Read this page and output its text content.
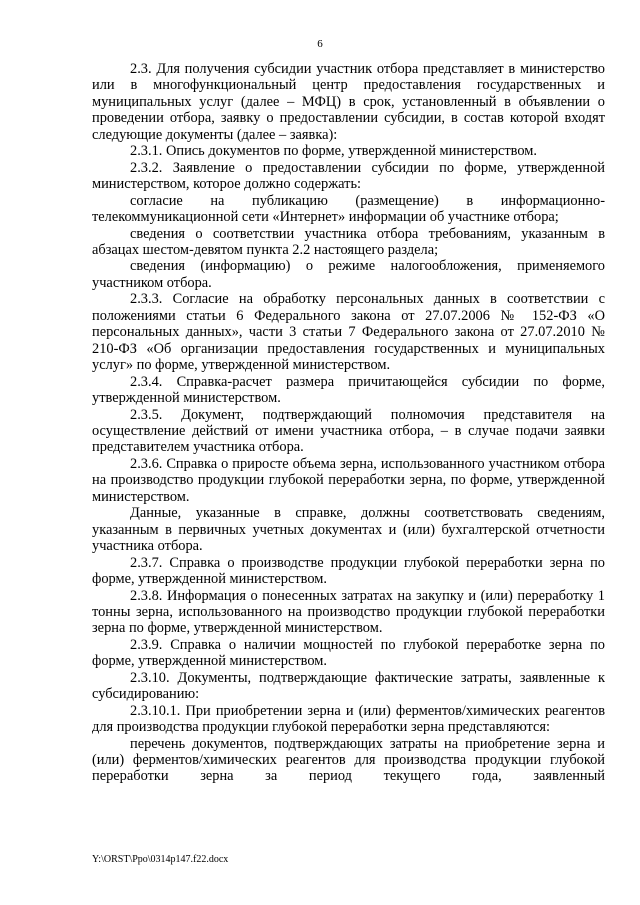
6

2.3. Для получения субсидии участник отбора представляет в министерство или в многофункциональный центр предоставления государственных и муниципальных услуг (далее – МФЦ) в срок, установленный в объявлении о проведении отбора, заявку о предоставлении субсидии, в состав которой входят следующие документы (далее – заявка):

2.3.1. Опись документов по форме, утвержденной министерством.

2.3.2. Заявление о предоставлении субсидии по форме, утвержденной министерством, которое должно содержать:

согласие на публикацию (размещение) в информационно-телекоммуникационной сети «Интернет» информации об участнике отбора;

сведения о соответствии участника отбора требованиям, указанным в абзацах шестом-девятом пункта 2.2 настоящего раздела;

сведения (информацию) о режиме налогообложения, применяемого участником отбора.

2.3.3. Согласие на обработку персональных данных в соответствии с положениями статьи 6 Федерального закона от 27.07.2006 № 152-ФЗ «О персональных данных», части 3 статьи 7 Федерального закона от 27.07.2010 № 210-ФЗ «Об организации предоставления государственных и муниципальных услуг» по форме, утвержденной министерством.

2.3.4. Справка-расчет размера причитающейся субсидии по форме, утвержденной министерством.

2.3.5. Документ, подтверждающий полномочия представителя на осуществление действий от имени участника отбора, – в случае подачи заявки представителем участника отбора.

2.3.6. Справка о приросте объема зерна, использованного участником отбора на производство продукции глубокой переработки зерна, по форме, утвержденной министерством.

Данные, указанные в справке, должны соответствовать сведениям, указанным в первичных учетных документах и (или) бухгалтерской отчетности участника отбора.

2.3.7. Справка о производстве продукции глубокой переработки зерна по форме, утвержденной министерством.

2.3.8. Информация о понесенных затратах на закупку и (или) переработку 1 тонны зерна, использованного на производство продукции глубокой переработки зерна по форме, утвержденной министерством.

2.3.9. Справка о наличии мощностей по глубокой переработке зерна по форме, утвержденной министерством.

2.3.10. Документы, подтверждающие фактические затраты, заявленные к субсидированию:

2.3.10.1. При приобретении зерна и (или) ферментов/химических реагентов для производства продукции глубокой переработки зерна представляются:

перечень документов, подтверждающих затраты на приобретение зерна и (или) ферментов/химических реагентов для производства продукции глубокой переработки зерна за период текущего года, заявленный

Y:\ORST\Ppo\0314p147.f22.docx
